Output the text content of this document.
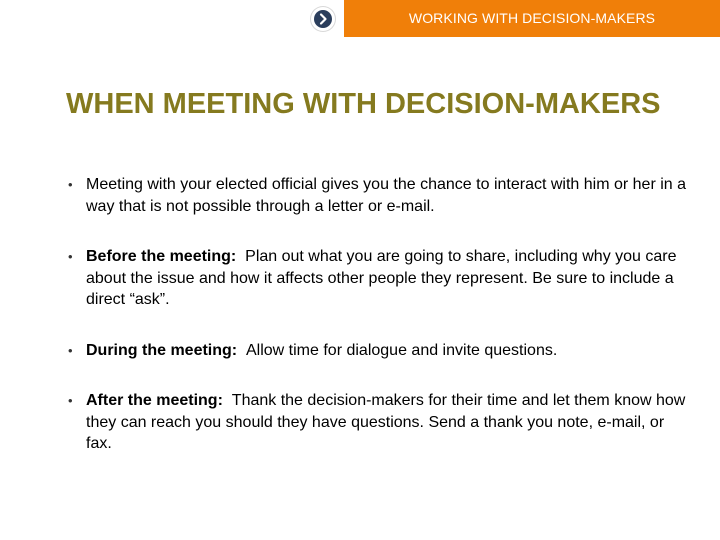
WORKING WITH DECISION-MAKERS
WHEN MEETING WITH DECISION-MAKERS
• Meeting with your elected official gives you the chance to interact with him or her in a way that is not possible through a letter or e-mail.
• Before the meeting: Plan out what you are going to share, including why you care about the issue and how it affects other people they represent. Be sure to include a direct “ask”.
• During the meeting: Allow time for dialogue and invite questions.
• After the meeting: Thank the decision-makers for their time and let them know how they can reach you should they have questions. Send a thank you note, e-mail, or fax.
